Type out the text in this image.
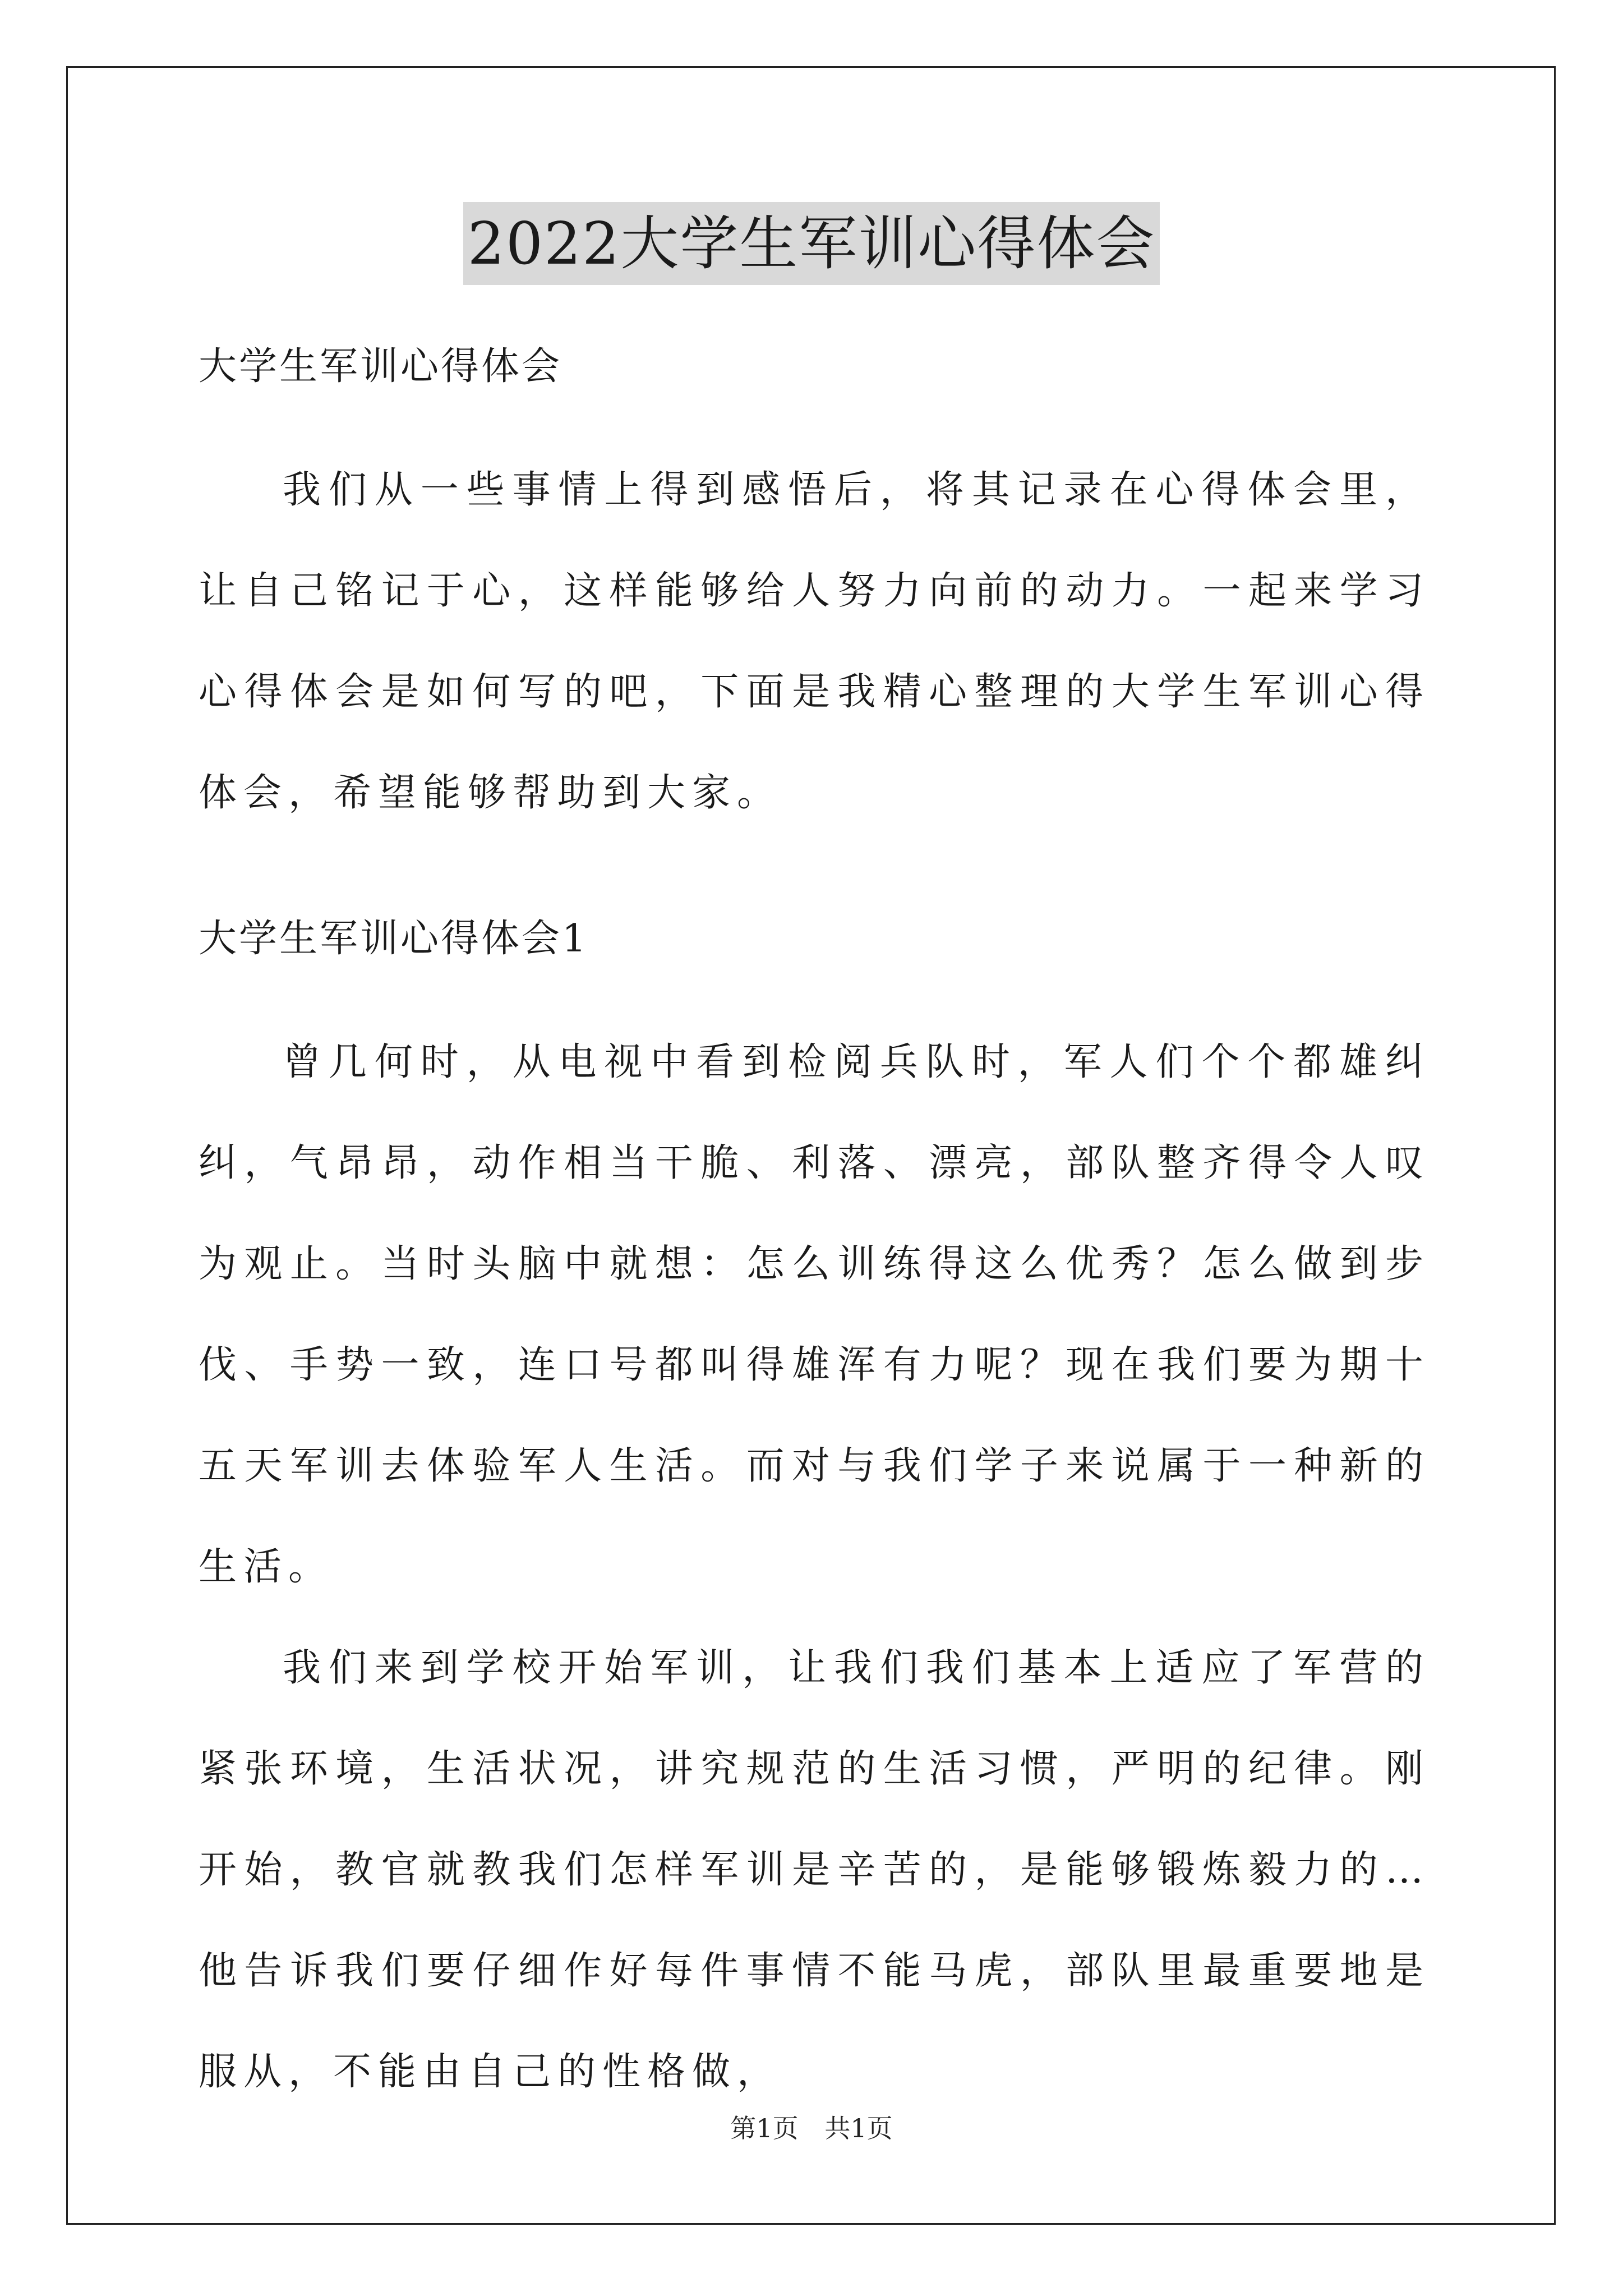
2022大学生军训心得体会

大学生军训心得体会

我们从一些事情上得到感悟后，将其记录在心得体会里，让自己铭记于心，这样能够给人努力向前的动力。一起来学习心得体会是如何写的吧，下面是我精心整理的大学生军训心得体会，希望能够帮助到大家。

大学生军训心得体会1

曾几何时，从电视中看到检阅兵队时，军人们个个都雄纠纠，气昂昂，动作相当干脆、利落、漂亮，部队整齐得令人叹为观止。当时头脑中就想：怎么训练得这么优秀？怎么做到步伐、手势一致，连口号都叫得雄浑有力呢？现在我们要为期十五天军训去体验军人生活。而对与我们学子来说属于一种新的生活。

我们来到学校开始军训，让我们我们基本上适应了军营的紧张环境，生活状况，讲究规范的生活习惯，严明的纪律。刚开始，教官就教我们怎样军训是辛苦的，是能够锻炼毅力的…他告诉我们要仔细作好每件事情不能马虎，部队里最重要地是服从，不能由自己的性格做，

第1页 共1页
